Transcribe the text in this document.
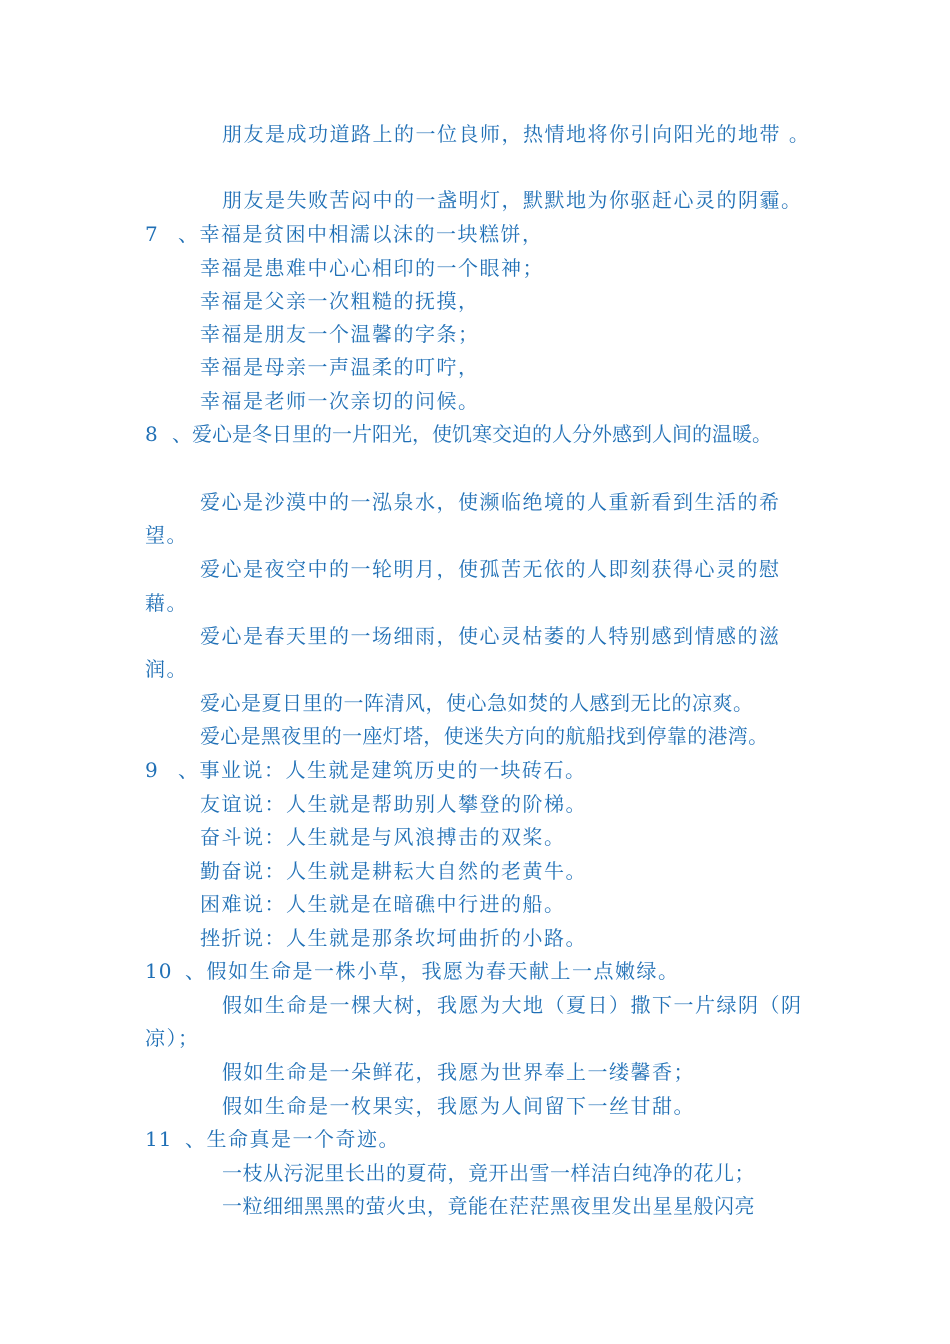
朋友是成功道路上的一位良师，热情地将你引向阳光的地带 。
朋友是失败苦闷中的一盏明灯，默默地为你驱赶心灵的阴霾。
7 、幸福是贫困中相濡以沫的一块糕饼，
幸福是患难中心心相印的一个眼神；
幸福是父亲一次粗糙的抚摸，
幸福是朋友一个温馨的字条；
幸福是母亲一声温柔的叮咛，
幸福是老师一次亲切的问候。
8 、爱心是冬日里的一片阳光，使饥寒交迫的人分外感到人间的温暖。
爱心是沙漠中的一泓泉水，使濒临绝境的人重新看到生活的希
望。
爱心是夜空中的一轮明月，使孤苦无依的人即刻获得心灵的慰
藉。
爱心是春天里的一场细雨，使心灵枯萎的人特别感到情感的滋
润。
爱心是夏日里的一阵清风，使心急如焚的人感到无比的凉爽。
爱心是黑夜里的一座灯塔，使迷失方向的航船找到停靠的港湾。
9 、事业说：人生就是建筑历史的一块砖石。
友谊说：人生就是帮助别人攀登的阶梯。
奋斗说：人生就是与风浪搏击的双桨。
勤奋说：人生就是耕耘大自然的老黄牛。
困难说：人生就是在暗礁中行进的船。
挫折说：人生就是那条坎坷曲折的小路。
10 、假如生命是一株小草，我愿为春天献上一点嫩绿。
假如生命是一棵大树，我愿为大地（夏日）撒下一片绿阴（阴
凉）；
假如生命是一朵鲜花，我愿为世界奉上一缕馨香；
假如生命是一枚果实，我愿为人间留下一丝甘甜。
11 、生命真是一个奇迹。
一枝从污泥里长出的夏荷，竟开出雪一样洁白纯净的花儿；
一粒细细黑黑的萤火虫，竟能在茫茫黑夜里发出星星般闪亮
